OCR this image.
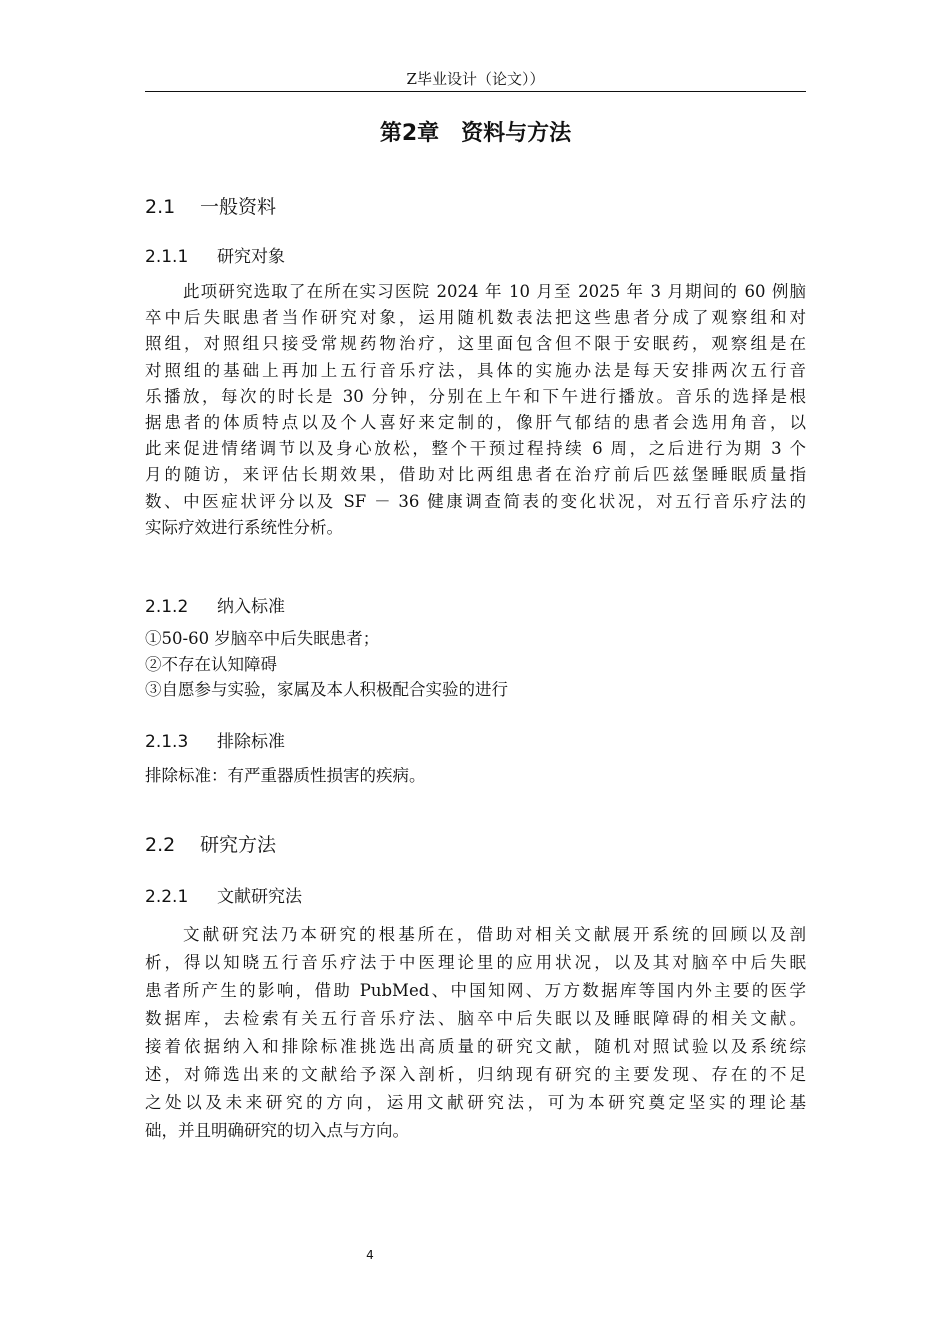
Z毕业设计（论文））
第2章　资料与方法
2.1 一般资料
2.1.1 研究对象
此项研究选取了在所在实习医院 2024 年 10 月至 2025 年 3 月期间的 60 例脑
卒中后失眠患者当作研究对象，运用随机数表法把这些患者分成了观察组和对
照组，对照组只接受常规药物治疗，这里面包含但不限于安眠药，观察组是在
对照组的基础上再加上五行音乐疗法，具体的实施办法是每天安排两次五行音
乐播放，每次的时长是 30 分钟，分别在上午和下午进行播放。音乐的选择是根
据患者的体质特点以及个人喜好来定制的，像肝气郁结的患者会选用角音，以
此来促进情绪调节以及身心放松，整个干预过程持续 6 周，之后进行为期 3 个
月的随访，来评估长期效果，借助对比两组患者在治疗前后匹兹堡睡眠质量指
数、中医症状评分以及 SF － 36 健康调查简表的变化状况，对五行音乐疗法的
实际疗效进行系统性分析。
2.1.2 纳入标准
①50-60 岁脑卒中后失眠患者；
②不存在认知障碍
③自愿参与实验，家属及本人积极配合实验的进行
2.1.3 排除标准
排除标准：有严重器质性损害的疾病。
2.2 研究方法
2.2.1 文献研究法
文献研究法乃本研究的根基所在，借助对相关文献展开系统的回顾以及剖
析，得以知晓五行音乐疗法于中医理论里的应用状况，以及其对脑卒中后失眠
患者所产生的影响，借助 PubMed、中国知网、万方数据库等国内外主要的医学
数据库，去检索有关五行音乐疗法、脑卒中后失眠以及睡眠障碍的相关文献。
接着依据纳入和排除标准挑选出高质量的研究文献，随机对照试验以及系统综
述，对筛选出来的文献给予深入剖析，归纳现有研究的主要发现、存在的不足
之处以及未来研究的方向，运用文献研究法，可为本研究奠定坚实的理论基
础，并且明确研究的切入点与方向。
4
